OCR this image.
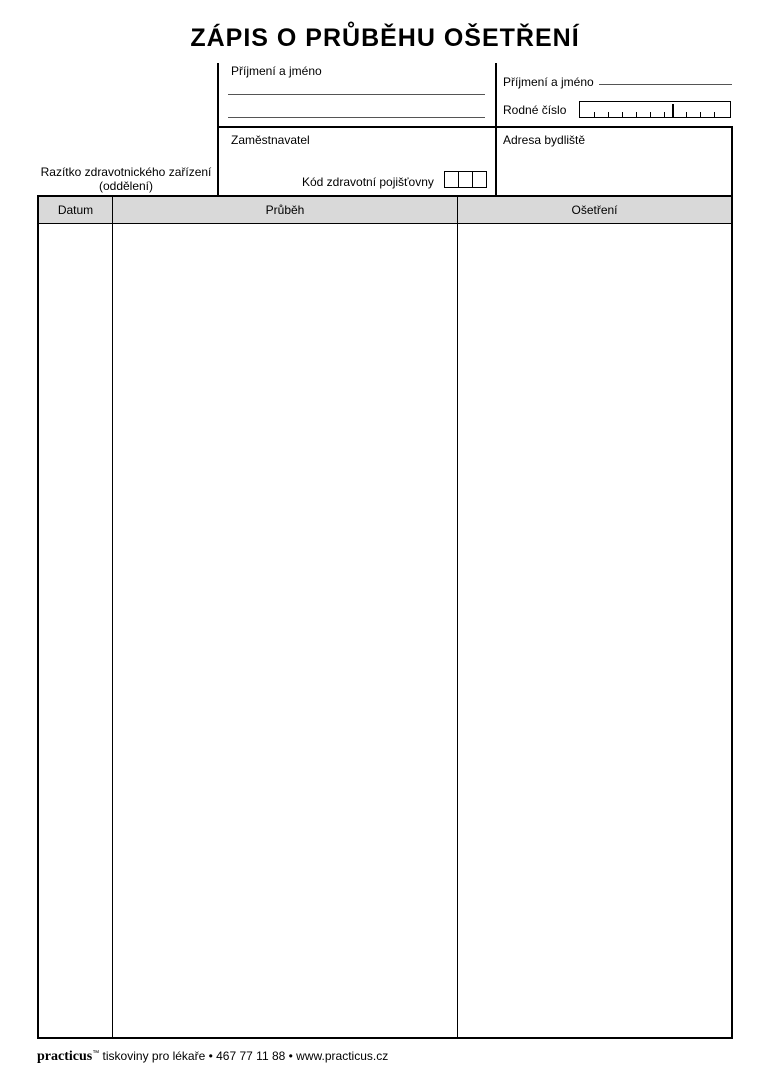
ZÁPIS O PRŮBĚHU OŠETŘENÍ
Razítko zdravotnického zařízení
(oddělení)
Příjmení a jméno
Příjmení a jméno
Rodné číslo
Zaměstnavatel
Kód zdravotní pojišťovny
Adresa bydliště
Datum	Průběh	Ošetření
practicus™ tiskoviny pro lékaře • 467 77 11 88 • www.practicus.cz
